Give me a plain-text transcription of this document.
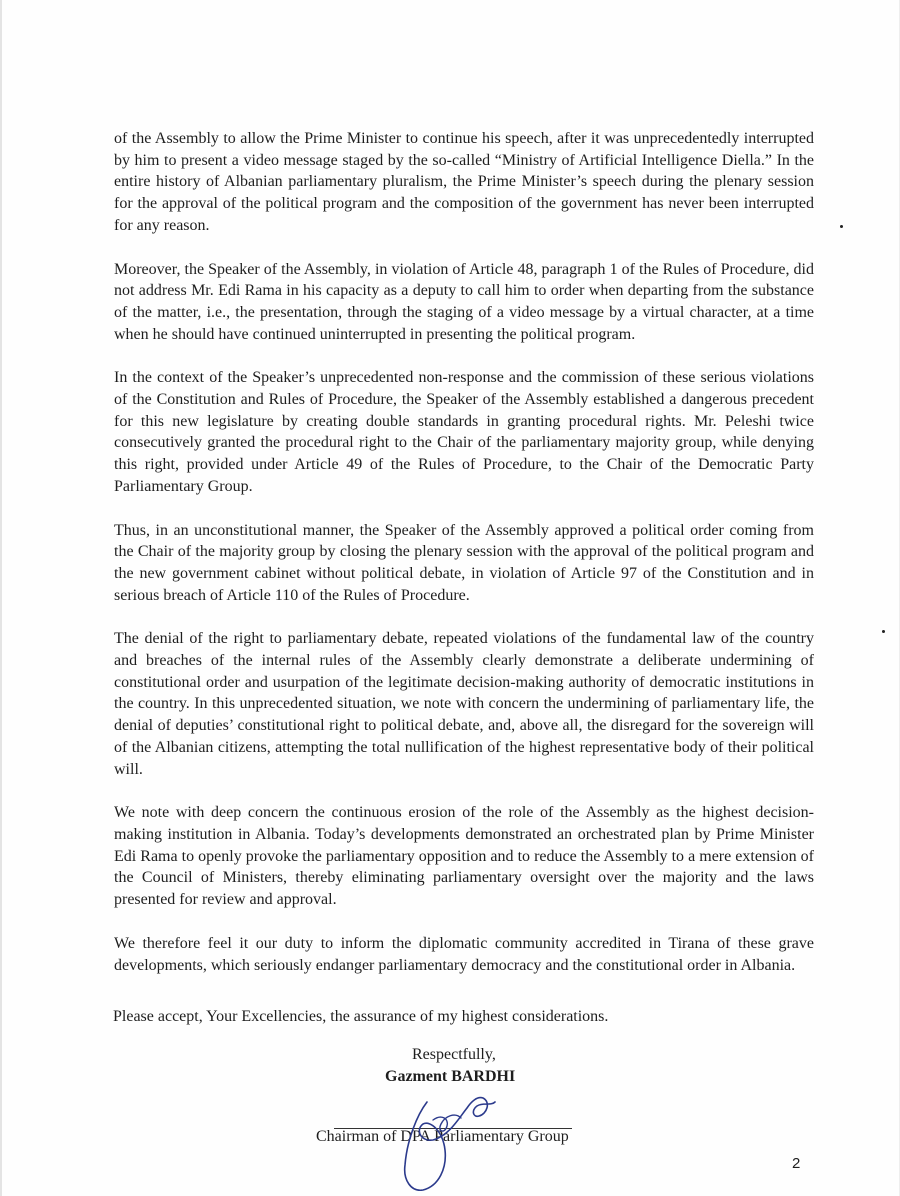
of the Assembly to allow the Prime Minister to continue his speech, after it was unprecedentedly interrupted by him to present a video message staged by the so-called “Ministry of Artificial Intelligence Diella.” In the entire history of Albanian parliamentary pluralism, the Prime Minister’s speech during the plenary session for the approval of the political program and the composition of the government has never been interrupted for any reason.

Moreover, the Speaker of the Assembly, in violation of Article 48, paragraph 1 of the Rules of Procedure, did not address Mr. Edi Rama in his capacity as a deputy to call him to order when departing from the substance of the matter, i.e., the presentation, through the staging of a video message by a virtual character, at a time when he should have continued uninterrupted in presenting the political program.

In the context of the Speaker’s unprecedented non-response and the commission of these serious violations of the Constitution and Rules of Procedure, the Speaker of the Assembly established a dangerous precedent for this new legislature by creating double standards in granting procedural rights. Mr. Peleshi twice consecutively granted the procedural right to the Chair of the parliamentary majority group, while denying this right, provided under Article 49 of the Rules of Procedure, to the Chair of the Democratic Party Parliamentary Group.

Thus, in an unconstitutional manner, the Speaker of the Assembly approved a political order coming from the Chair of the majority group by closing the plenary session with the approval of the political program and the new government cabinet without political debate, in violation of Article 97 of the Constitution and in serious breach of Article 110 of the Rules of Procedure.

The denial of the right to parliamentary debate, repeated violations of the fundamental law of the country and breaches of the internal rules of the Assembly clearly demonstrate a deliberate undermining of constitutional order and usurpation of the legitimate decision-making authority of democratic institutions in the country. In this unprecedented situation, we note with concern the undermining of parliamentary life, the denial of deputies’ constitutional right to political debate, and, above all, the disregard for the sovereign will of the Albanian citizens, attempting the total nullification of the highest representative body of their political will.

We note with deep concern the continuous erosion of the role of the Assembly as the highest decision-making institution in Albania. Today’s developments demonstrated an orchestrated plan by Prime Minister Edi Rama to openly provoke the parliamentary opposition and to reduce the Assembly to a mere extension of the Council of Ministers, thereby eliminating parliamentary oversight over the majority and the laws presented for review and approval.

We therefore feel it our duty to inform the diplomatic community accredited in Tirana of these grave developments, which seriously endanger parliamentary democracy and the constitutional order in Albania.

Please accept, Your Excellencies, the assurance of my highest considerations.

Respectfully,

Gazment BARDHI

Chairman of DPA Parliamentary Group

2
